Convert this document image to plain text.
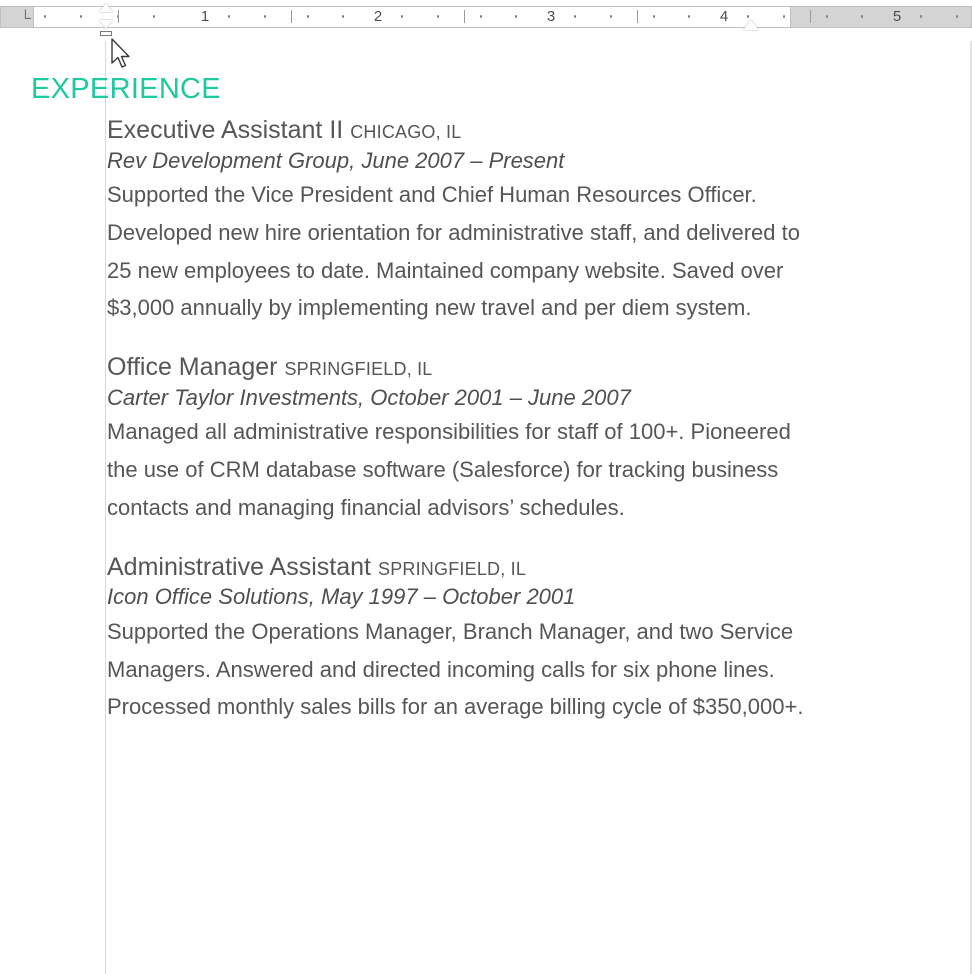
1	2	3	4	5
└
EXPERIENCE
Executive Assistant II CHICAGO, IL
Rev Development Group, June 2007 – Present
Supported the Vice President and Chief Human Resources Officer. Developed new hire orientation for administrative staff, and delivered to 25 new employees to date. Maintained company website. Saved over $3,000 annually by implementing new travel and per diem system.
Office Manager SPRINGFIELD, IL
Carter Taylor Investments, October 2001 – June 2007
Managed all administrative responsibilities for staff of 100+. Pioneered the use of CRM database software (Salesforce) for tracking business contacts and managing financial advisors’ schedules.
Administrative Assistant SPRINGFIELD, IL
Icon Office Solutions, May 1997 – October 2001
Supported the Operations Manager, Branch Manager, and two Service Managers. Answered and directed incoming calls for six phone lines. Processed monthly sales bills for an average billing cycle of $350,000+.
